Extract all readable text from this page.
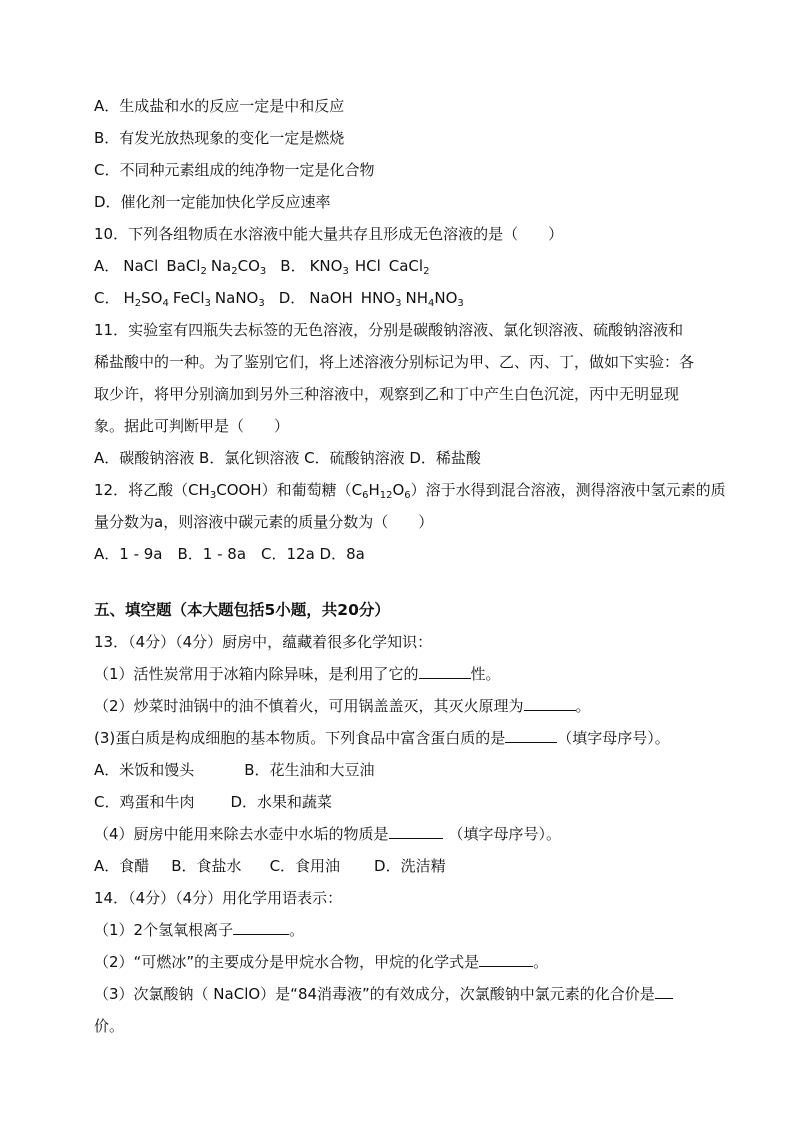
A．生成盐和水的反应一定是中和反应

B．有发光放热现象的变化一定是燃烧

C．不同种元素组成的纯净物一定是化合物

D．催化剂一定能加快化学反应速率

10．下列各组物质在水溶液中能大量共存且形成无色溶液的是（　　）

A． NaCl BaCl$_2$ $Na_2CO_3$ B． $KNO_3$ HCl CaCl$_2$

C． $H_2SO_4$ FeCl$_3$ NaNO$_3$ D． NaOH $HNO_3$ $NH_4NO_3$

11．实验室有四瓶失去标签的无色溶液，分别是碳酸钠溶液、氯化钡溶液、硫酸钠溶液和

稀盐酸中的一种。为了鉴别它们，将上述溶液分别标记为甲、乙、丙、丁，做如下实验：各

取少许，将甲分别滴加到另外三种溶液中，观察到乙和丁中产生白色沉淀，丙中无明显现

象。据此可判断甲是（　　）

A．碳酸钠溶液 B．氯化钡溶液 C．硫酸钠溶液 D．稀盐酸

12．将乙酸$(CH_3COOH)$和葡萄糖$(C_6H_{12}O_6)$溶于水得到混合溶液，测得溶液中氢元素的质

量分数为a，则溶液中碳元素的质量分数为（　　）

A．1 - 9a　B．1 - 8a　C．12a D．8a

五、填空题（本大题包括5小题，共20分）

13．（4分）（4分）厨房中，蕴藏着很多化学知识：

（1）活性炭常用于冰箱内除异味，是利用了它的	性。

（2）炒菜时油锅中的油不慎着火，可用锅盖盖灭，其灭火原理为	。

(3)蛋白质是构成细胞的基本物质。下列食品中富含蛋白质的是	（填字母序号）。

A．米饭和馒头	B．花生油和大豆油

C．鸡蛋和牛肉 D．水果和蔬菜

（4）厨房中能用来除去水壶中水垢的物质是	（填字母序号）。

A．食醋 B．食盐水 C．食用油 D．洗洁精

14．（4分）（4分）用化学用语表示：

（1）2个氢氧根离子	。

（2）“可燃冰”的主要成分是甲烷水合物，甲烷的化学式是	。

（3）次氯酸钠（ NaClO）是“84消毒液”的有效成分，次氯酸钠中氯元素的化合价是

价。
